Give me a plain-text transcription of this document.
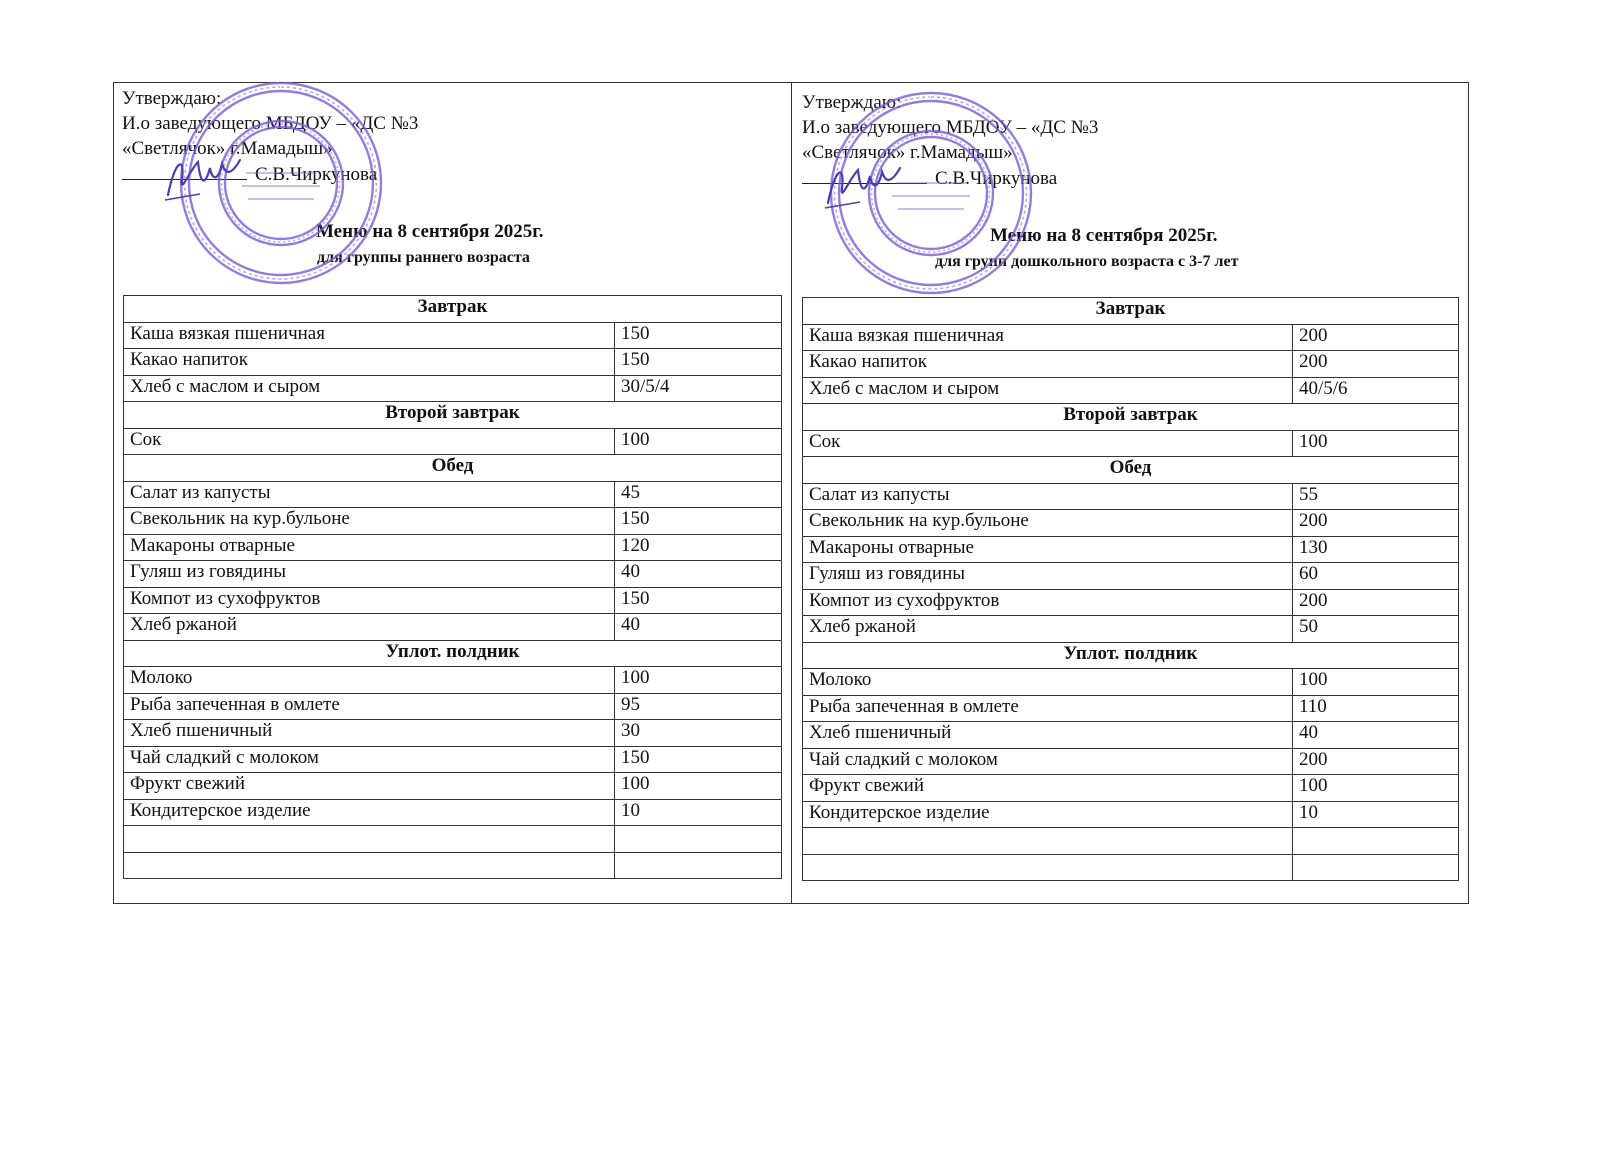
Утверждаю:
И.о заведующего МБДОУ – «ДС №3
«Светлячок» г.Мамадыш»
С.В.Чиркунова
Меню на 8 сентября 2025г.
для группы раннего возраста
Завтрак	
Каша вязкая пшеничная	150
Какао напиток	150
Хлеб с маслом и сыром	30/5/4
Второй завтрак	
Сок	100
Обед	
Салат из капусты	45
Свекольник на кур.бульоне	150
Макароны отварные	120
Гуляш из говядины	40
Компот из сухофруктов	150
Хлеб ржаной	40
Уплот. полдник	
Молоко	100
Рыба запеченная в омлете	95
Хлеб пшеничный	30
Чай сладкий с молоком	150
Фрукт свежий	100
Кондитерское изделие	10

Утверждаю:
И.о заведующего МБДОУ – «ДС №3
«Светлячок» г.Мамадыш»
С.В.Чиркунова
Меню на 8 сентября 2025г.
для групп дошкольного возраста с 3-7 лет
Завтрак	
Каша вязкая пшеничная	200
Какао напиток	200
Хлеб с маслом и сыром	40/5/6
Второй завтрак	
Сок	100
Обед	
Салат из капусты	55
Свекольник на кур.бульоне	200
Макароны отварные	130
Гуляш из говядины	60
Компот из сухофруктов	200
Хлеб ржаной	50
Уплот. полдник	
Молоко	100
Рыба запеченная в омлете	110
Хлеб пшеничный	40
Чай сладкий с молоком	200
Фрукт свежий	100
Кондитерское изделие	10
